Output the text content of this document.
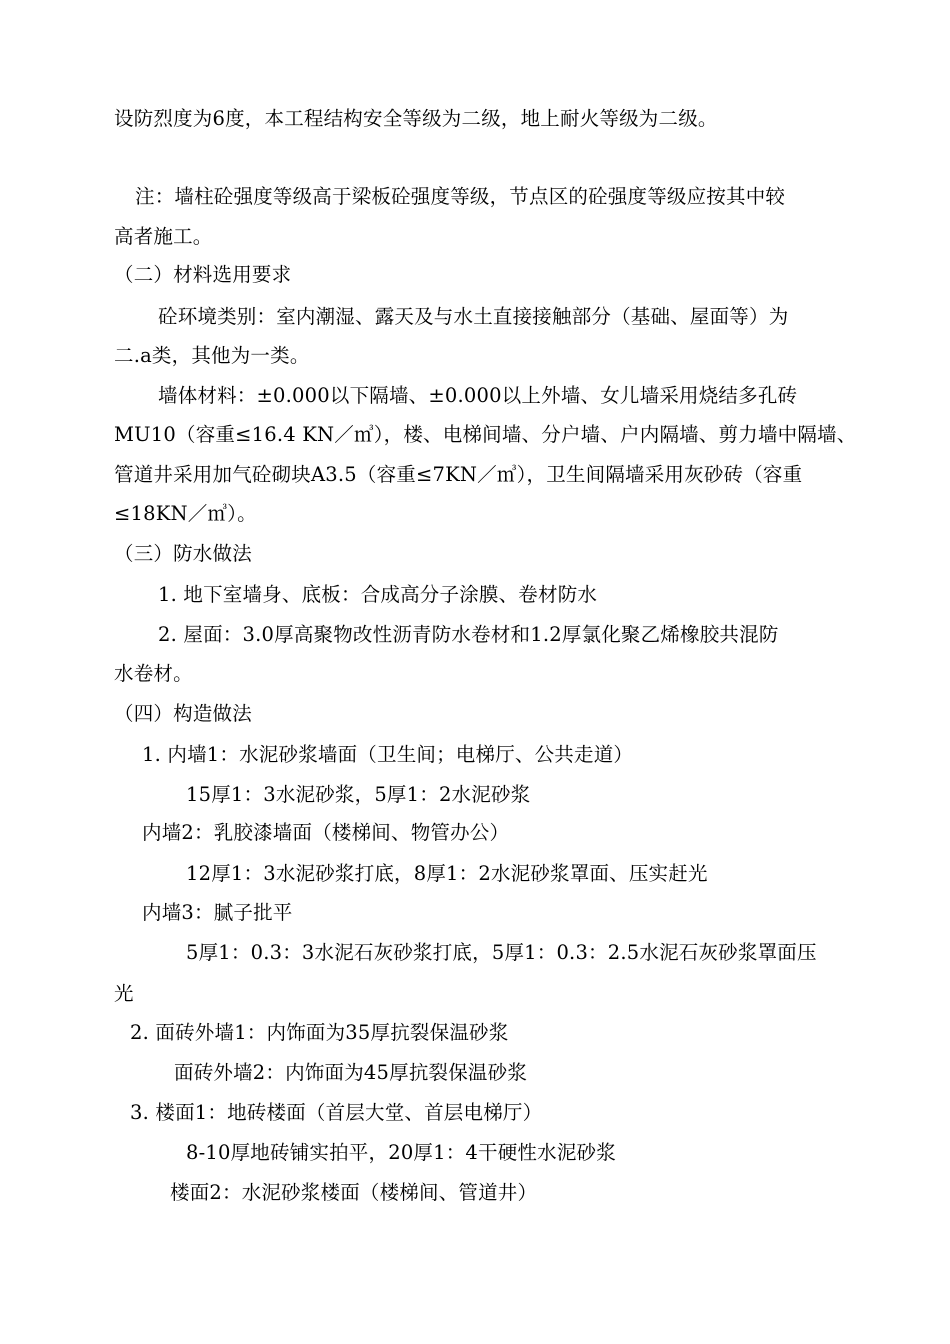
设防烈度为6度，本工程结构安全等级为二级，地上耐火等级为二级。
注：墙柱砼强度等级高于梁板砼强度等级，节点区的砼强度等级应按其中较
高者施工。
（二）材料选用要求
砼环境类别：室内潮湿、露天及与水土直接接触部分（基础、屋面等）为
二.a类，其他为一类。
墙体材料：±0.000以下隔墙、±0.000以上外墙、女儿墙采用烧结多孔砖
MU10（容重≤16.4 KN／㎥），楼、电梯间墙、分户墙、户内隔墙、剪力墙中隔墙、
管道井采用加气砼砌块A3.5（容重≤7KN／㎥），卫生间隔墙采用灰砂砖（容重
≤18KN／㎥）。
（三）防水做法
1. 地下室墙身、底板：合成高分子涂膜、卷材防水
2. 屋面：3.0厚高聚物改性沥青防水卷材和1.2厚氯化聚乙烯橡胶共混防
水卷材。
（四）构造做法
1. 内墙1：水泥砂浆墙面（卫生间；电梯厅、公共走道）
15厚1：3水泥砂浆，5厚1：2水泥砂浆
内墙2：乳胶漆墙面（楼梯间、物管办公）
12厚1：3水泥砂浆打底，8厚1：2水泥砂浆罩面、压实赶光
内墙3：腻子批平
5厚1：0.3：3水泥石灰砂浆打底，5厚1：0.3：2.5水泥石灰砂浆罩面压
光
2. 面砖外墙1：内饰面为35厚抗裂保温砂浆
面砖外墙2：内饰面为45厚抗裂保温砂浆
3. 楼面1：地砖楼面（首层大堂、首层电梯厅）
8-10厚地砖铺实拍平，20厚1：4干硬性水泥砂浆
楼面2：水泥砂浆楼面（楼梯间、管道井）
